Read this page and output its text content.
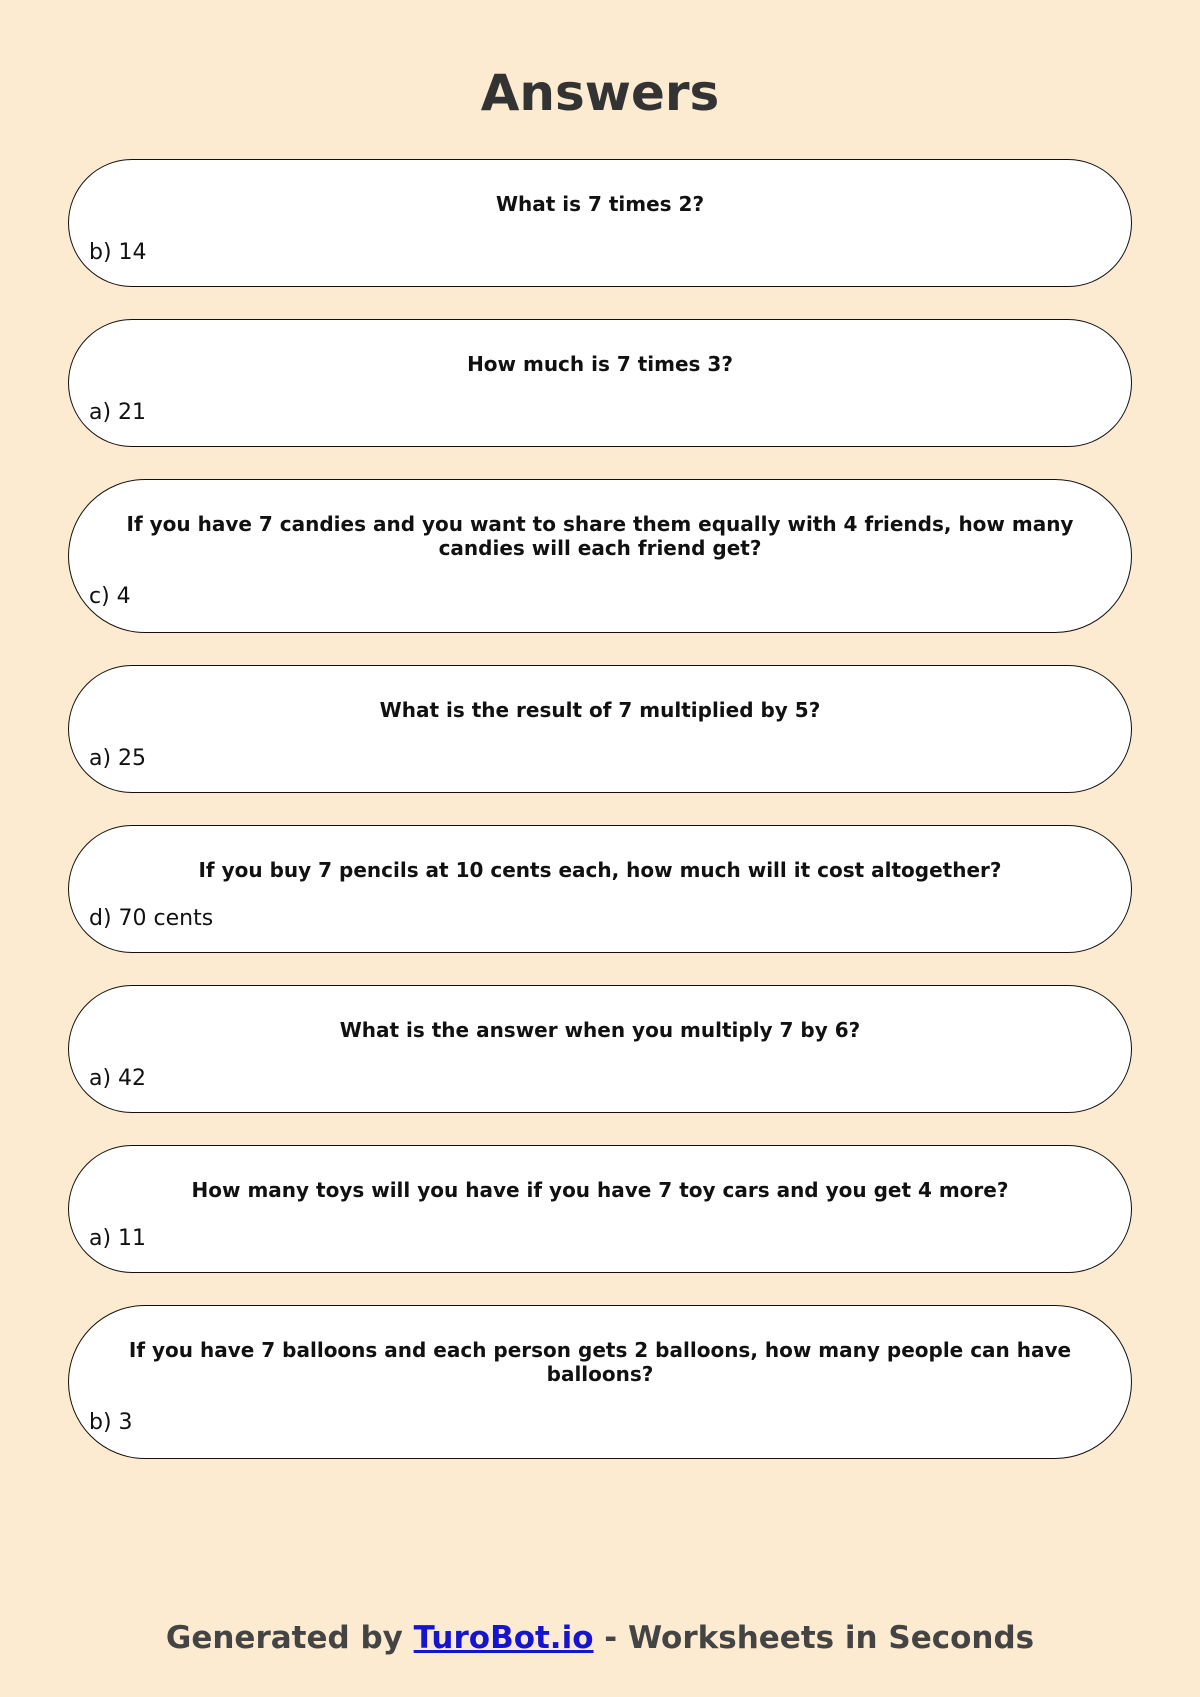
Answers

What is 7 times 2?

b) 14

How much is 7 times 3?

a) 21

If you have 7 candies and you want to share them equally with 4 friends, how many candies will each friend get?

c) 4

What is the result of 7 multiplied by 5?

a) 25

If you buy 7 pencils at 10 cents each, how much will it cost altogether?

d) 70 cents

What is the answer when you multiply 7 by 6?

a) 42

How many toys will you have if you have 7 toy cars and you get 4 more?

a) 11

If you have 7 balloons and each person gets 2 balloons, how many people can have balloons?

b) 3
Generated by TuroBot.io - Worksheets in Seconds
